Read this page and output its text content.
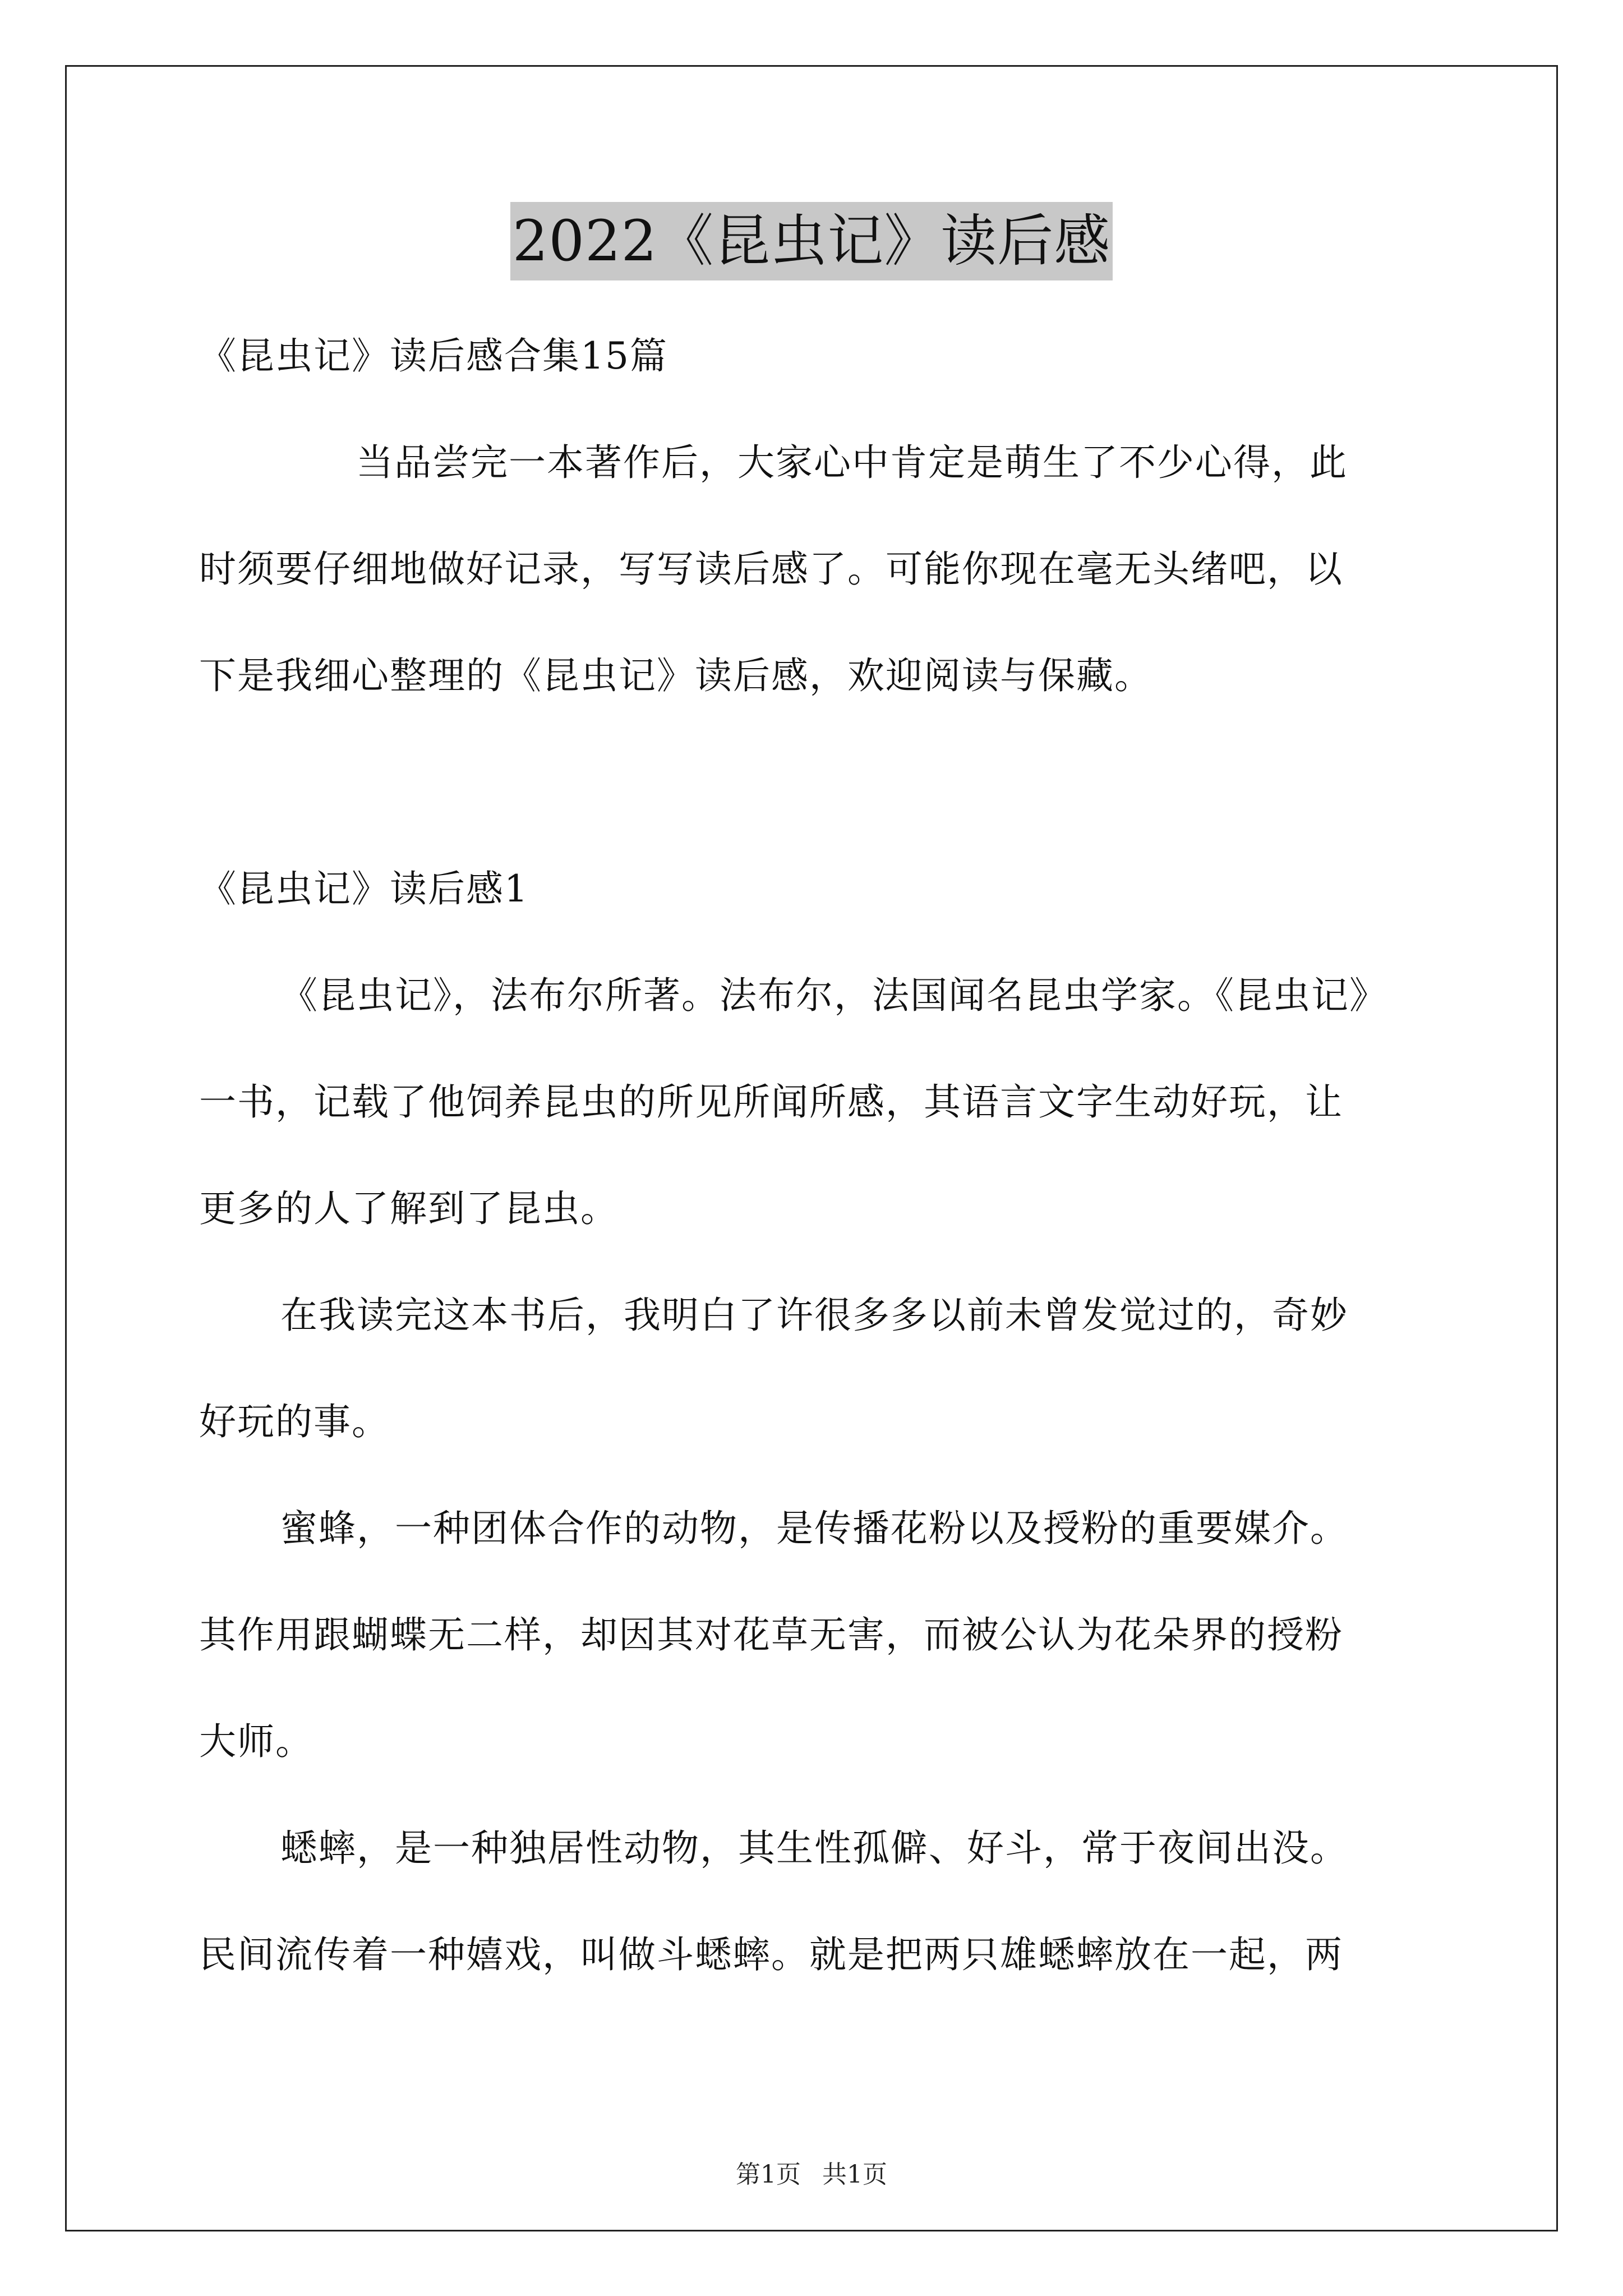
2022《昆虫记》读后感
《昆虫记》读后感合集15篇
当品尝完一本著作后，大家心中肯定是萌生了不少心得，此
时须要仔细地做好记录，写写读后感了。可能你现在毫无头绪吧，以
下是我细心整理的《昆虫记》读后感，欢迎阅读与保藏。
《昆虫记》读后感1
《昆虫记》，法布尔所著。法布尔，法国闻名昆虫学家。《昆虫记》
一书，记载了他饲养昆虫的所见所闻所感，其语言文字生动好玩，让
更多的人了解到了昆虫。
在我读完这本书后，我明白了许很多多以前未曾发觉过的，奇妙
好玩的事。
蜜蜂，一种团体合作的动物，是传播花粉以及授粉的重要媒介。
其作用跟蝴蝶无二样，却因其对花草无害，而被公认为花朵界的授粉
大师。
蟋蟀，是一种独居性动物，其生性孤僻、好斗，常于夜间出没。
民间流传着一种嬉戏，叫做斗蟋蟀。就是把两只雄蟋蟀放在一起，两
第1页 共1页
